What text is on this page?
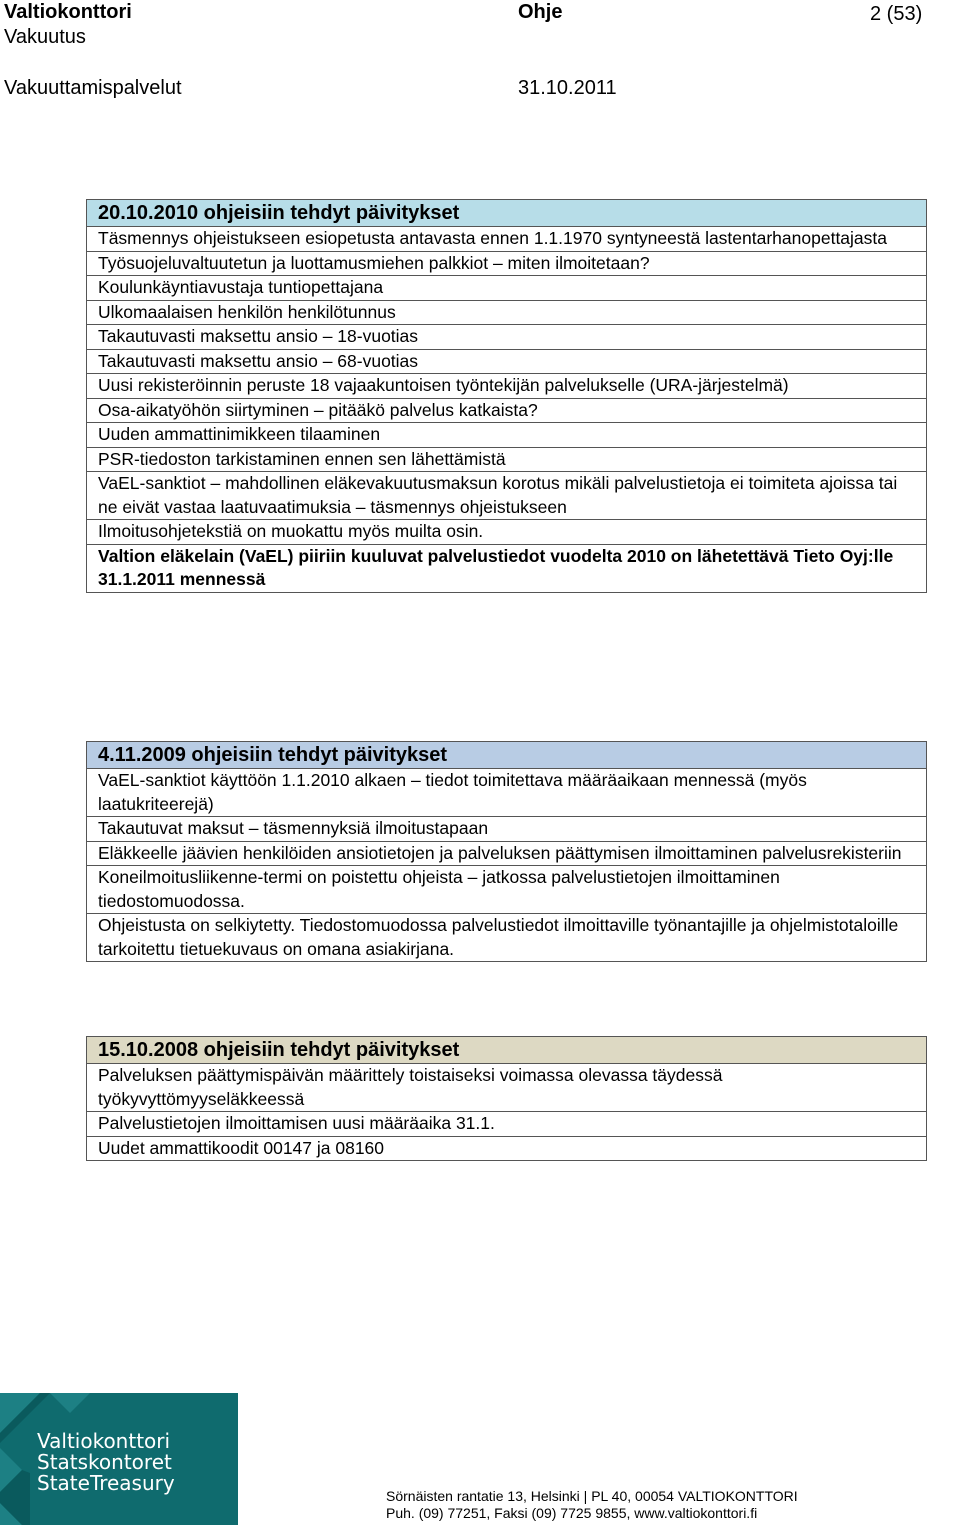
Valtiokonttori	Ohje	2 (53)
Vakuutus
Vakuuttamispalvelut	31.10.2011
20.10.2010 ohjeisiin tehdyt päivitykset
Täsmennys ohjeistukseen esiopetusta antavasta ennen 1.1.1970 syntyneestä lastentarhanopettajasta
Työsuojeluvaltuutetun ja luottamusmiehen palkkiot – miten ilmoitetaan?
Koulunkäyntiavustaja tuntiopettajana
Ulkomaalaisen henkilön henkilötunnus
Takautuvasti maksettu ansio – 18-vuotias
Takautuvasti maksettu ansio – 68-vuotias
Uusi rekisteröinnin peruste 18 vajaakuntoisen työntekijän palvelukselle (URA-järjestelmä)
Osa-aikatyöhön siirtyminen – pitääkö palvelus katkaista?
Uuden ammattinimikkeen tilaaminen
PSR-tiedoston tarkistaminen ennen sen lähettämistä
VaEL-sanktiot – mahdollinen eläkevakuutusmaksun korotus mikäli palvelustietoja ei toimiteta ajoissa tai ne eivät vastaa laatuvaatimuksia – täsmennys ohjeistukseen
Ilmoitusohjetekstiä on muokattu myös muilta osin.
Valtion eläkelain (VaEL) piiriin kuuluvat palvelustiedot vuodelta 2010 on lähetettävä Tieto Oyj:lle 31.1.2011 mennessä
4.11.2009 ohjeisiin tehdyt päivitykset
VaEL-sanktiot käyttöön 1.1.2010 alkaen – tiedot toimitettava määräaikaan mennessä (myös laatukriteerejä)
Takautuvat maksut – täsmennyksiä ilmoitustapaan
Eläkkeelle jäävien henkilöiden ansiotietojen ja palveluksen päättymisen ilmoittaminen palvelusrekisteriin
Koneilmoitusliikenne-termi on poistettu ohjeista – jatkossa palvelustietojen ilmoittaminen tiedostomuodossa.
Ohjeistusta on selkiytetty. Tiedostomuodossa palvelustiedot ilmoittaville työnantajille ja ohjelmistotaloille tarkoitettu tietuekuvaus on omana asiakirjana.
15.10.2008 ohjeisiin tehdyt päivitykset
Palveluksen päättymispäivän määrittely toistaiseksi voimassa olevassa täydessä työkyvyttömyyseläkkeessä
Palvelustietojen ilmoittamisen uusi määräaika 31.1.
Uudet ammattikoodit 00147 ja 08160
Valtiokonttori
Statskontoret
StateTreasury
Sörnäisten rantatie 13, Helsinki | PL 40, 00054 VALTIOKONTTORI
Puh. (09) 77251, Faksi (09) 7725 9855, www.valtiokonttori.fi
